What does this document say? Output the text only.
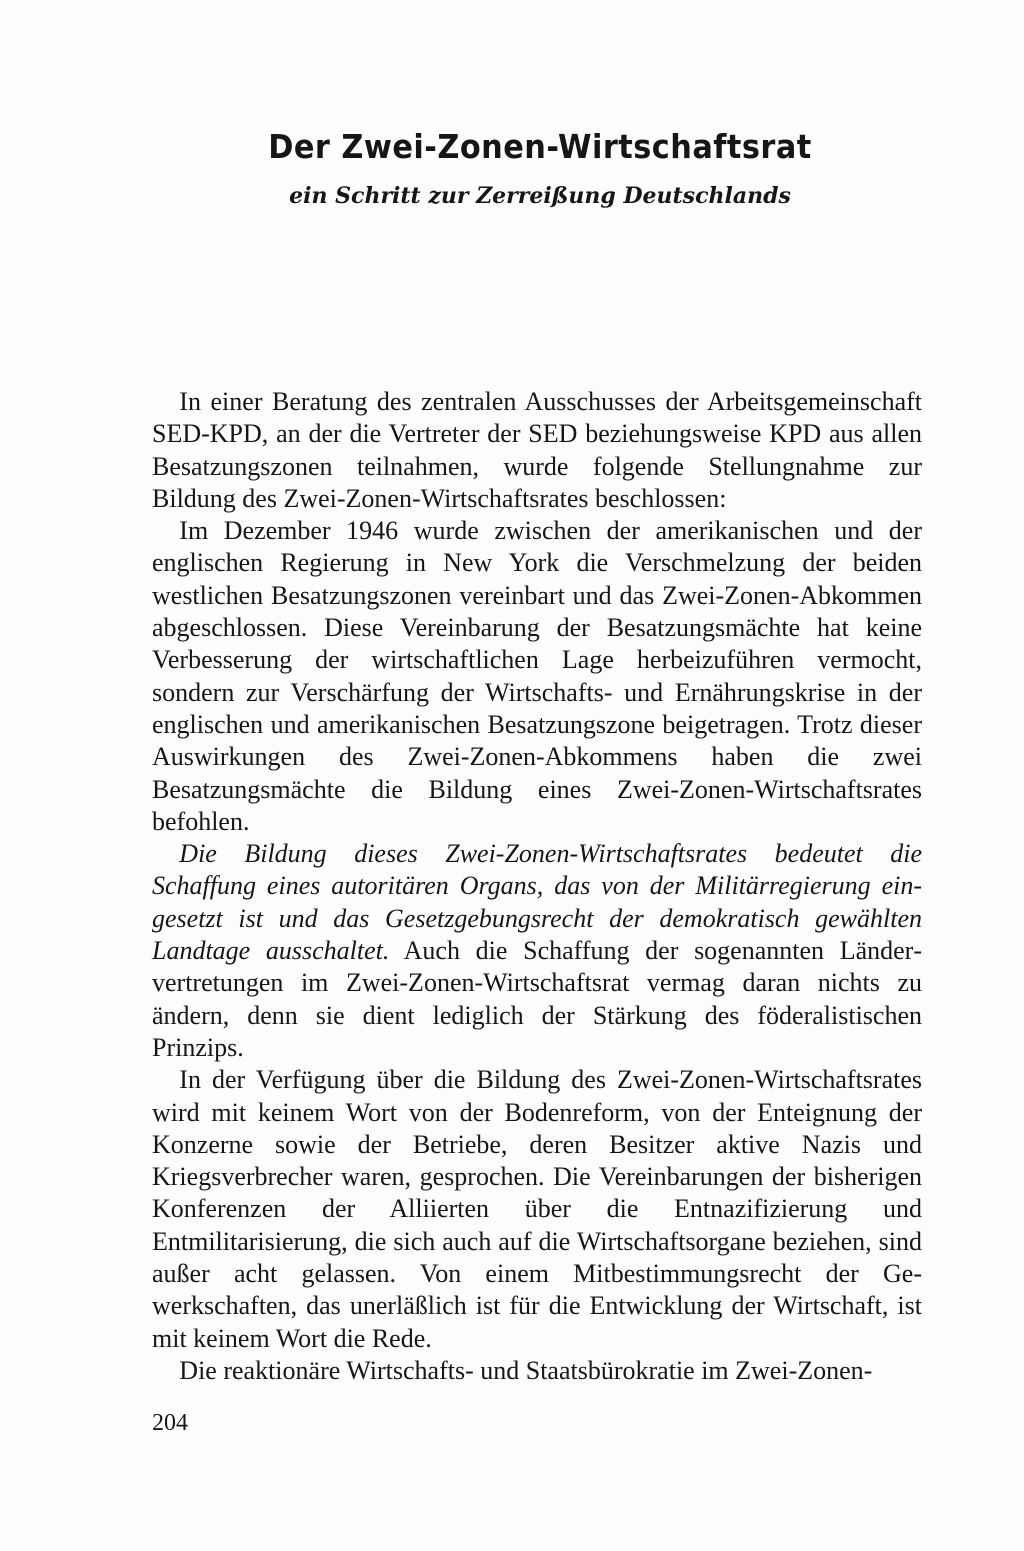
Der Zwei-Zonen-Wirtschaftsrat
ein Schritt zur Zerreißung Deutschlands

In einer Beratung des zentralen Ausschusses der Arbeitsgemeinschaft SED-KPD, an der die Vertreter der SED beziehungsweise KPD aus allen Besatzungszonen teilnahmen, wurde folgende Stellungnahme zur Bildung des Zwei-Zonen-Wirtschaftsrates beschlossen:

Im Dezember 1946 wurde zwischen der amerikanischen und der englischen Regierung in New York die Verschmelzung der beiden westlichen Besatzungszonen vereinbart und das Zwei-Zonen-Abkommen abgeschlossen. Diese Vereinbarung der Besatzungsmächte hat keine Verbesserung der wirtschaftlichen Lage herbeizuführen vermocht, sondern zur Verschärfung der Wirtschafts- und Ernährungskrise in der englischen und amerikanischen Besatzungszone beigetragen. Trotz dieser Auswirkungen des Zwei-Zonen-Abkommens haben die zwei Besatzungsmächte die Bildung eines Zwei-Zonen-Wirtschaftsrates befohlen.

Die Bildung dieses Zwei-Zonen-Wirtschaftsrates bedeutet die Schaffung eines autoritären Organs, das von der Militärregierung eingesetzt ist und das Gesetzgebungsrecht der demokratisch gewählten Landtage ausschaltet. Auch die Schaffung der sogenannten Ländervertretungen im Zwei-Zonen-Wirtschaftsrat vermag daran nichts zu ändern, denn sie dient lediglich der Stärkung des föderalistischen Prinzips.

In der Verfügung über die Bildung des Zwei-Zonen-Wirtschaftsrates wird mit keinem Wort von der Bodenreform, von der Enteignung der Konzerne sowie der Betriebe, deren Besitzer aktive Nazis und Kriegsverbrecher waren, gesprochen. Die Vereinbarungen der bisherigen Konferenzen der Alliierten über die Entnazifizierung und Entmilitarisierung, die sich auch auf die Wirtschaftsorgane beziehen, sind außer acht gelassen. Von einem Mitbestimmungsrecht der Gewerkschaften, das unerläßlich ist für die Entwicklung der Wirtschaft, ist mit keinem Wort die Rede.

Die reaktionäre Wirtschafts- und Staatsbürokratie im Zwei-Zonen-

204
